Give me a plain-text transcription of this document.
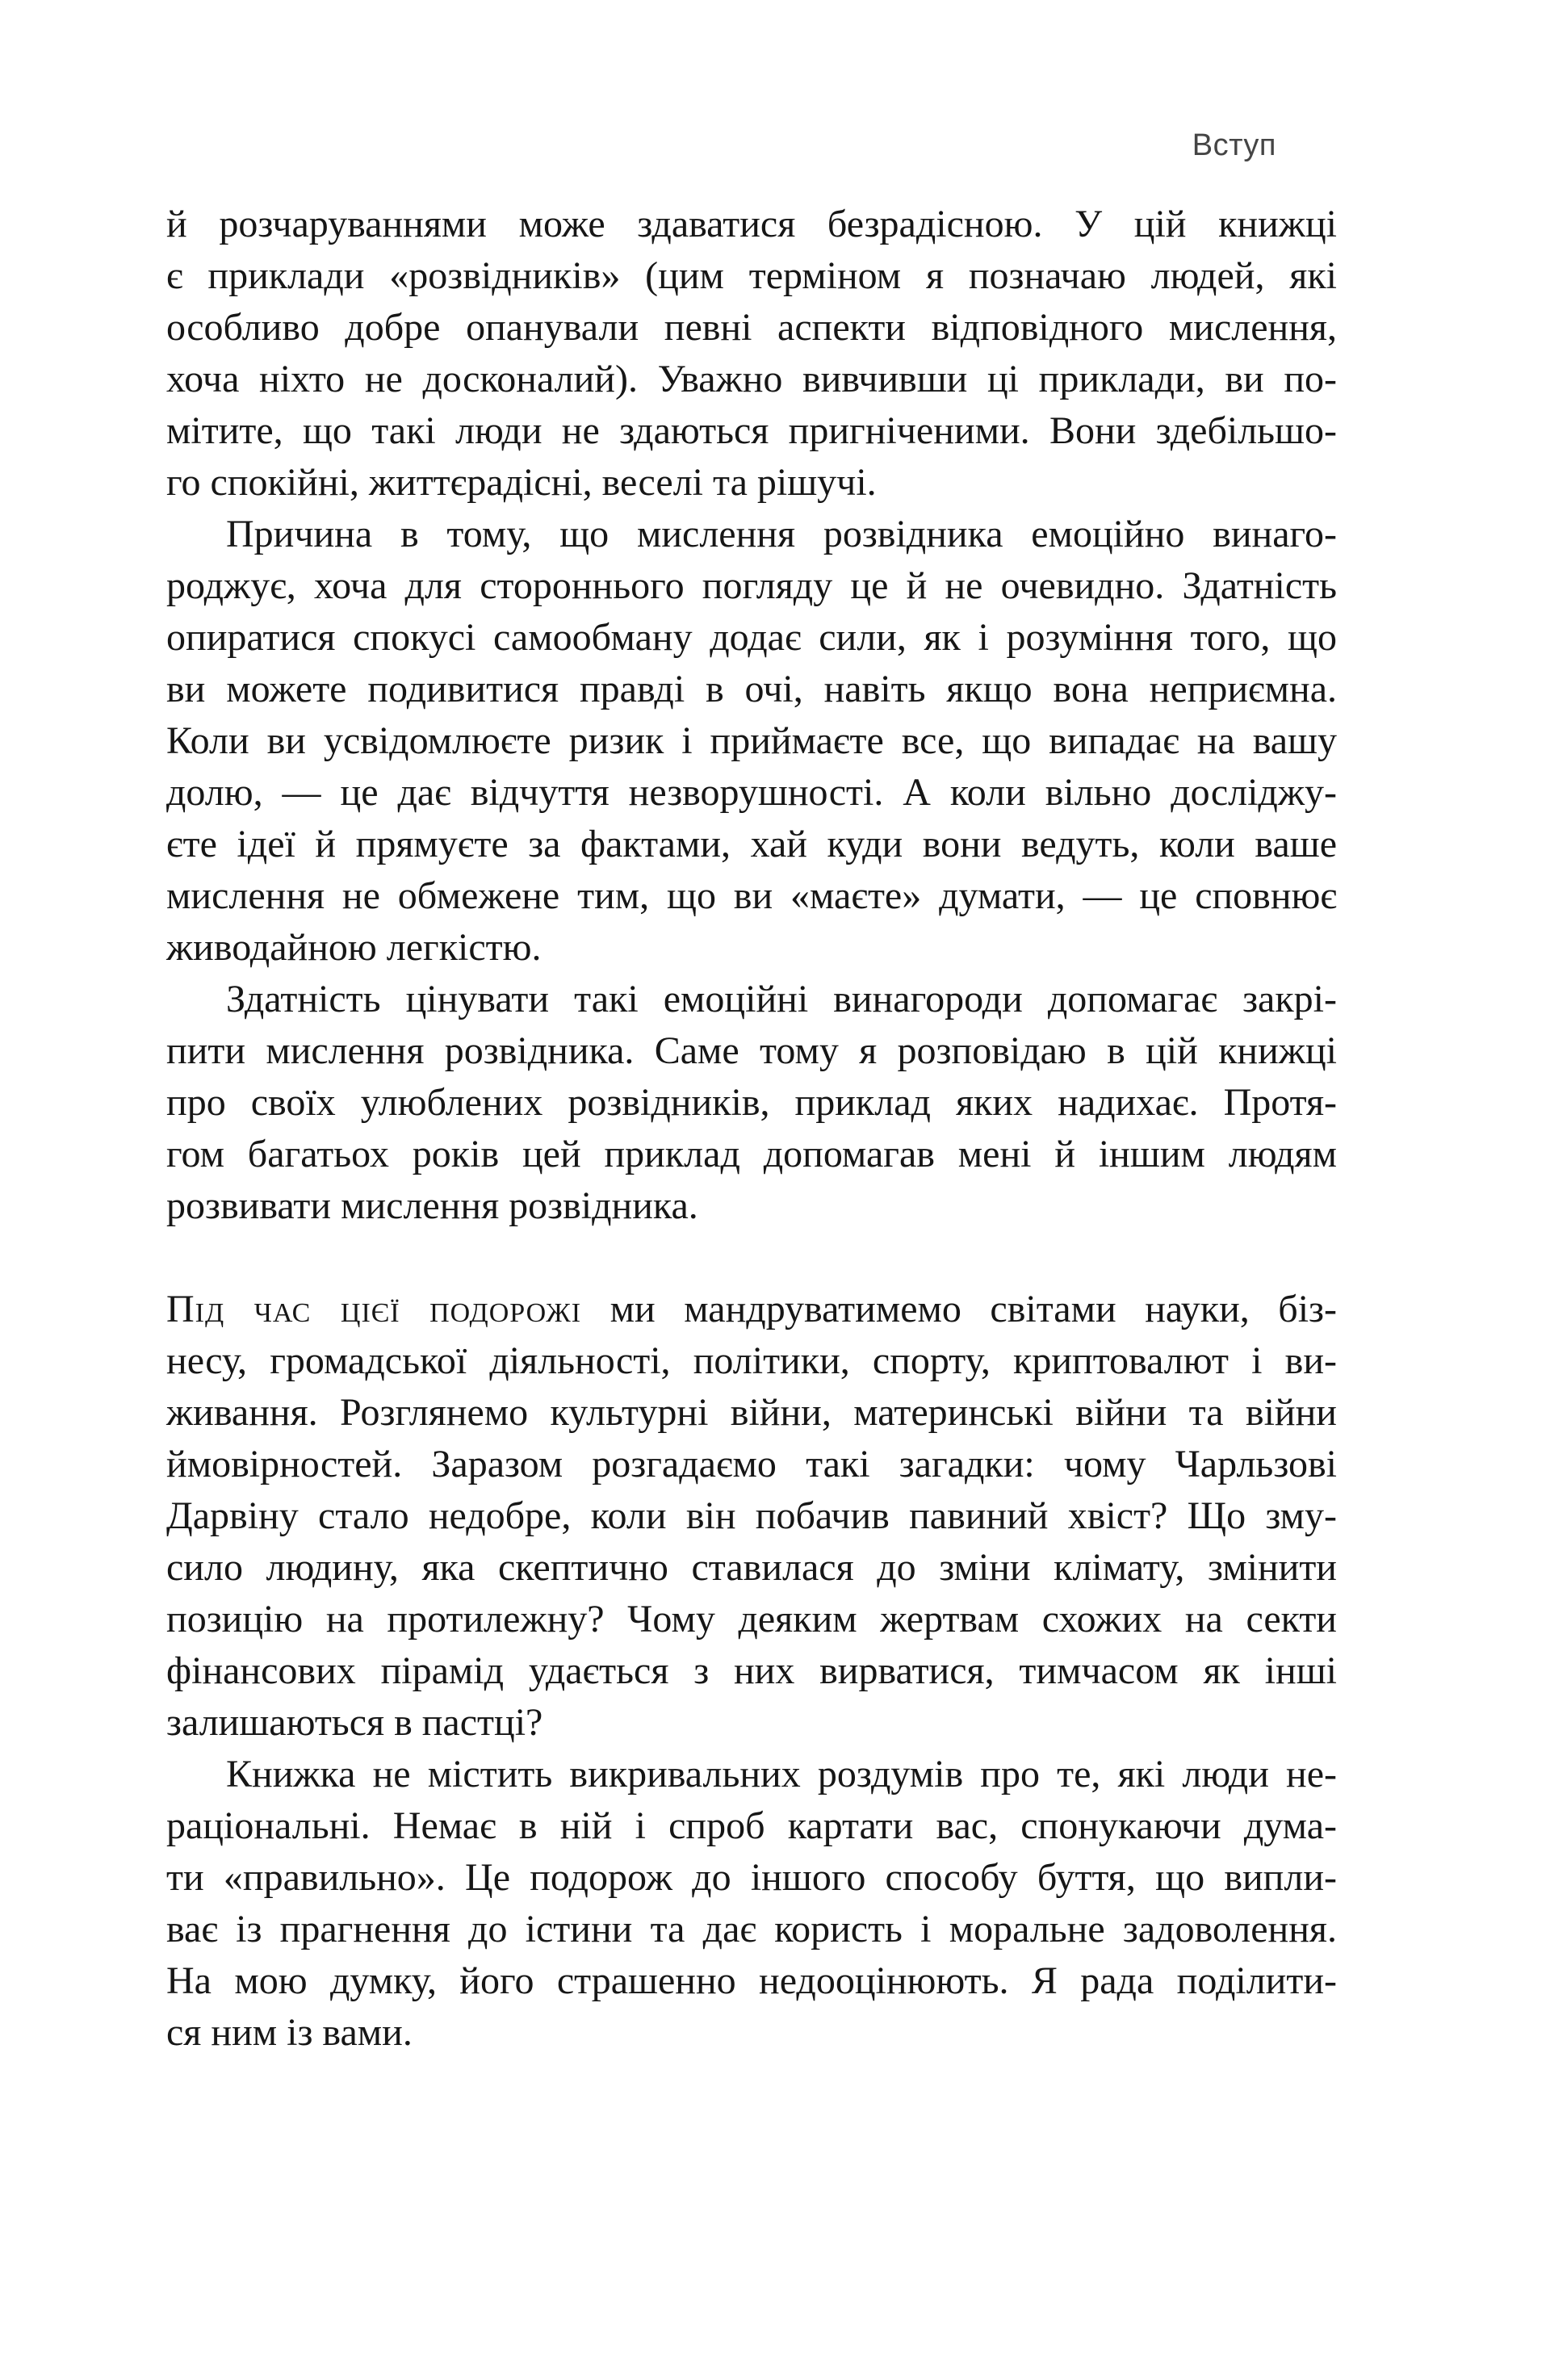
Вступ
й розчаруваннями може здаватися безрадісною. У цій книжці
є приклади «розвідників» (цим терміном я позначаю людей, які
особливо добре опанували певні аспекти відповідного мислення,
хоча ніхто не досконалий). Уважно вивчивши ці приклади, ви по-
мітите, що такі люди не здаються пригніченими. Вони здебільшо-
го спокійні, життєрадісні, веселі та рішучі.
Причина в тому, що мислення розвідника емоційно винаго-
роджує, хоча для стороннього погляду це й не очевидно. Здатність
опиратися спокусі самообману додає сили, як і розуміння того, що
ви можете подивитися правді в очі, навіть якщо вона неприємна.
Коли ви усвідомлюєте ризик і приймаєте все, що випадає на вашу
долю, — це дає відчуття незворушності. А коли вільно досліджу-
єте ідеї й прямуєте за фактами, хай куди вони ведуть, коли ваше
мислення не обмежене тим, що ви «маєте» думати, — це сповнює
живодайною легкістю.
Здатність цінувати такі емоційні винагороди допомагає закрі-
пити мислення розвідника. Саме тому я розповідаю в цій книжці
про своїх улюблених розвідників, приклад яких надихає. Протя-
гом багатьох років цей приклад допомагав мені й іншим людям
розвивати мислення розвідника.
Під час цієї подорожі ми мандруватимемо світами науки, біз-
несу, громадської діяльності, політики, спорту, криптовалют і ви-
живання. Розглянемо культурні війни, материнські війни та війни
ймовірностей. Заразом розгадаємо такі загадки: чому Чарльзові
Дарвіну стало недобре, коли він побачив павиний хвіст? Що зму-
сило людину, яка скептично ставилася до зміни клімату, змінити
позицію на протилежну? Чому деяким жертвам схожих на секти
фінансових пірамід удається з них вирватися, тимчасом як інші
залишаються в пастці?
Книжка не містить викривальних роздумів про те, які люди не-
раціональні. Немає в ній і спроб картати вас, спонукаючи дума-
ти «правильно». Це подорож до іншого способу буття, що випли-
ває із прагнення до істини та дає користь і моральне задоволення.
На мою думку, його страшенно недооцінюють. Я рада поділити-
ся ним із вами.
